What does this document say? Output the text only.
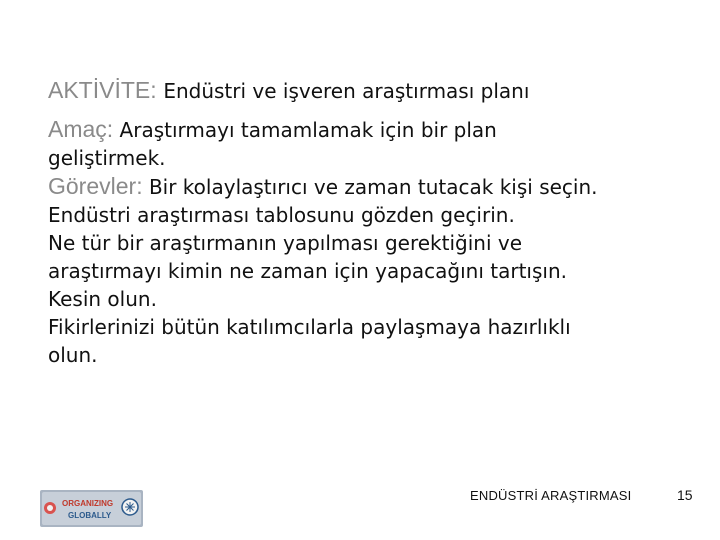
AKTİVİTE: Endüstri ve işveren araştırması planı
Amaç: Araştırmayı tamamlamak için bir plan
geliştirmek.
Görevler: Bir kolaylaştırıcı ve zaman tutacak kişi seçin.
Endüstri araştırması tablosunu gözden geçirin.
Ne tür bir araştırmanın yapılması gerektiğini ve
araştırmayı kimin ne zaman için yapacağını tartışın.
Kesin olun.
Fikirlerinizi bütün katılımcılarla paylaşmaya hazırlıklı
olun.
ORGANIZING
GLOBALLY
ENDÜSTRİ ARAŞTIRMASI	15
